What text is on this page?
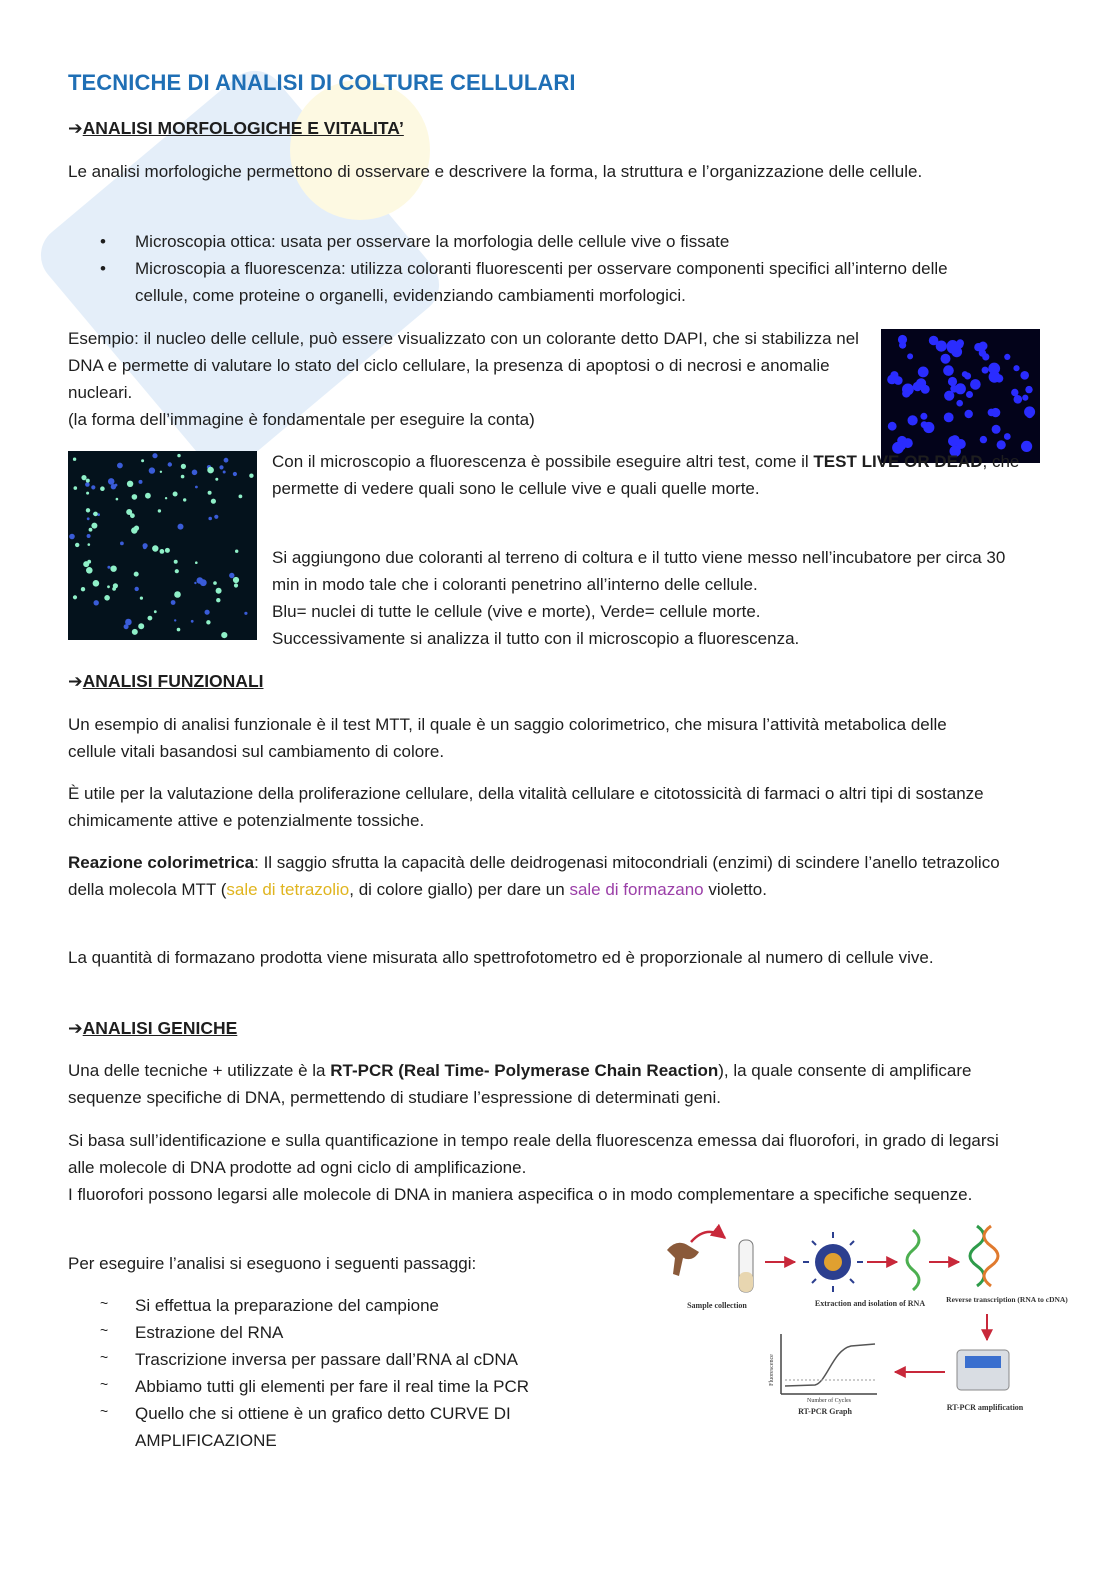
TECNICHE DI ANALISI DI COLTURE CELLULARI
➔ANALISI MORFOLOGICHE E VITALITA’

Le analisi morfologiche permettono di osservare e descrivere la forma, la struttura e l’organizzazione delle cellule.

• Microscopia ottica: usata per osservare la morfologia delle cellule vive o fissate
• Microscopia a fluorescenza: utilizza coloranti fluorescenti per osservare componenti specifici all’interno delle cellule, come proteine o organelli, evidenziando cambiamenti morfologici.

Esempio: il nucleo delle cellule, può essere visualizzato con un colorante detto DAPI, che si stabilizza nel DNA e permette di valutare lo stato del ciclo cellulare, la presenza di apoptosi o di necrosi e anomalie nucleari.

(la forma dell’immagine è fondamentale per eseguire la conta)

Con il microscopio a fluorescenza è possibile eseguire altri test, come il TEST LIVE OR DEAD, che permette di vedere quali sono le cellule vive e quali quelle morte.

Si aggiungono due coloranti al terreno di coltura e il tutto viene messo nell’incubatore per circa 30 min in modo tale che i coloranti penetrino all’interno delle cellule.
Blu= nuclei di tutte le cellule (vive e morte), Verde= cellule morte.
Successivamente si analizza il tutto con il microscopio a fluorescenza.

➔ANALISI FUNZIONALI

Un esempio di analisi funzionale è il test MTT, il quale è un saggio colorimetrico, che misura l’attività metabolica delle cellule vitali basandosi sul cambiamento di colore.

È utile per la valutazione della proliferazione cellulare, della vitalità cellulare e citotossicità di farmaci o altri tipi di sostanze chimicamente attive e potenzialmente tossiche.

Reazione colorimetrica: Il saggio sfrutta la capacità delle deidrogenasi mitocondriali (enzimi) di scindere l’anello tetrazolico della molecola MTT (sale di tetrazolio, di colore giallo) per dare un sale di formazano violetto.

La quantità di formazano prodotta viene misurata allo spettrofotometro ed è proporzionale al numero di cellule vive.

➔ANALISI GENICHE

Una delle tecniche + utilizzate è la RT-PCR (Real Time- Polymerase Chain Reaction), la quale consente di amplificare sequenze specifiche di DNA, permettendo di studiare l’espressione di determinati geni.

Si basa sull’identificazione e sulla quantificazione in tempo reale della fluorescenza emessa dai fluorofori, in grado di legarsi alle molecole di DNA prodotte ad ogni ciclo di amplificazione.
I fluorofori possono legarsi alle molecole di DNA in maniera aspecifica o in modo complementare a specifiche sequenze.

Per eseguire l’analisi si eseguono i seguenti passaggi:

~ Si effettua la preparazione del campione
~ Estrazione del RNA
~ Trascrizione inversa per passare dall’RNA al cDNA
~ Abbiamo tutti gli elementi per fare il real time la PCR
~ Quello che si ottiene è un grafico detto CURVE DI AMPLIFICAZIONE
Sample collection	Extraction and isolation of RNA	Reverse transcription (RNA to cDNA)
RT-PCR amplification
Fluorescence
Number of Cycles
RT-PCR Graph
